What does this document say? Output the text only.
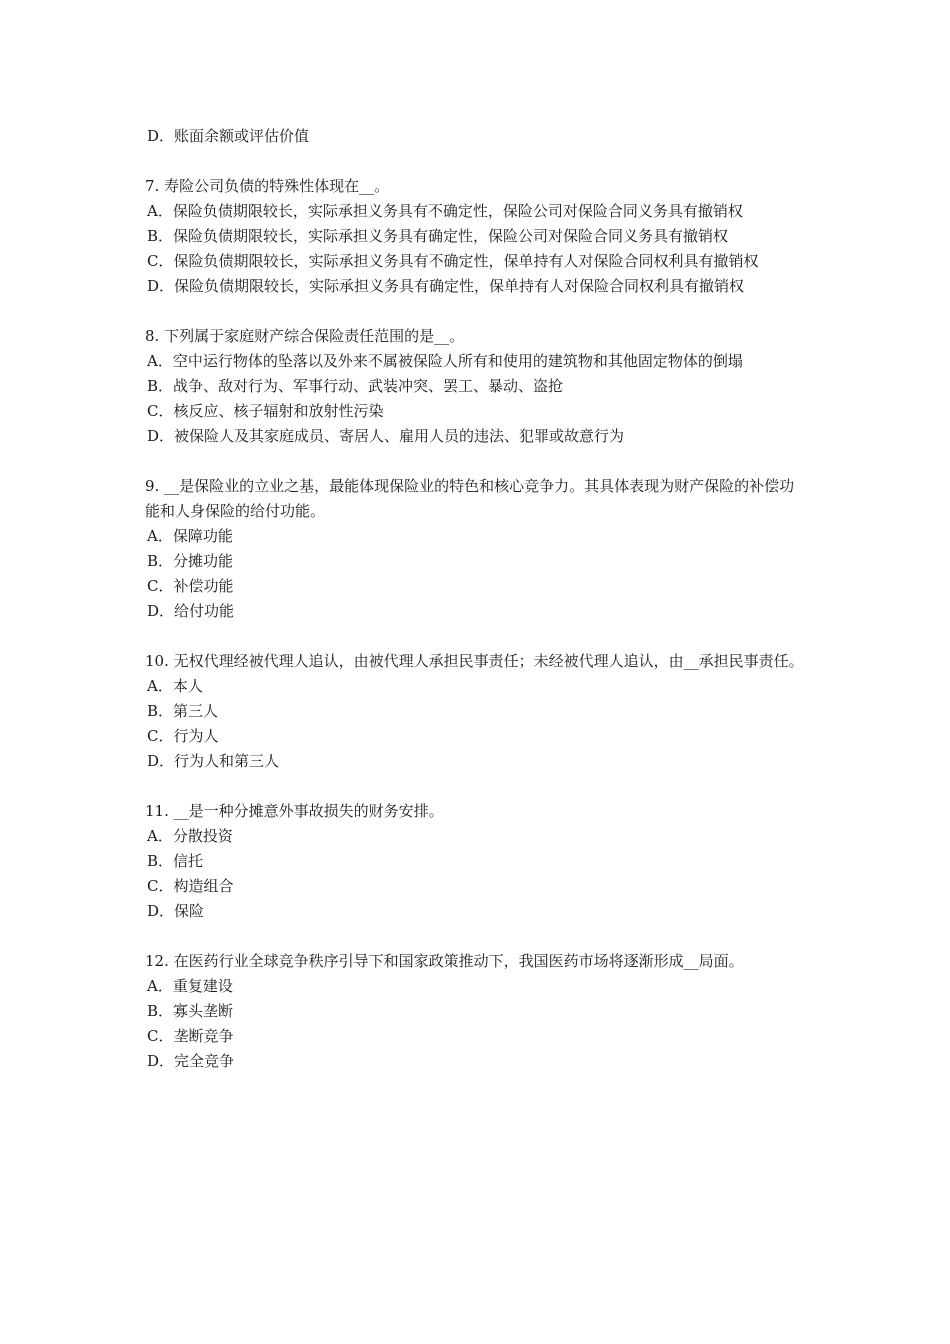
D．账面余额或评估价值
7. 寿险公司负债的特殊性体现在__。
A．保险负债期限较长，实际承担义务具有不确定性，保险公司对保险合同义务具有撤销权
B．保险负债期限较长，实际承担义务具有确定性，保险公司对保险合同义务具有撤销权
C．保险负债期限较长，实际承担义务具有不确定性，保单持有人对保险合同权利具有撤销权
D．保险负债期限较长，实际承担义务具有确定性，保单持有人对保险合同权利具有撤销权
8. 下列属于家庭财产综合保险责任范围的是__。
A．空中运行物体的坠落以及外来不属被保险人所有和使用的建筑物和其他固定物体的倒塌
B．战争、敌对行为、军事行动、武装冲突、罢工、暴动、盗抢
C．核反应、核子辐射和放射性污染
D．被保险人及其家庭成员、寄居人、雇用人员的违法、犯罪或故意行为
9. __是保险业的立业之基，最能体现保险业的特色和核心竞争力。其具体表现为财产保险的补偿功能和人身保险的给付功能。
A．保障功能
B．分摊功能
C．补偿功能
D．给付功能
10. 无权代理经被代理人追认，由被代理人承担民事责任；未经被代理人追认，由__承担民事责任。
A．本人
B．第三人
C．行为人
D．行为人和第三人
11. __是一种分摊意外事故损失的财务安排。
A．分散投资
B．信托
C．构造组合
D．保险
12. 在医药行业全球竞争秩序引导下和国家政策推动下，我国医药市场将逐渐形成__局面。
A．重复建设
B．寡头垄断
C．垄断竞争
D．完全竞争
